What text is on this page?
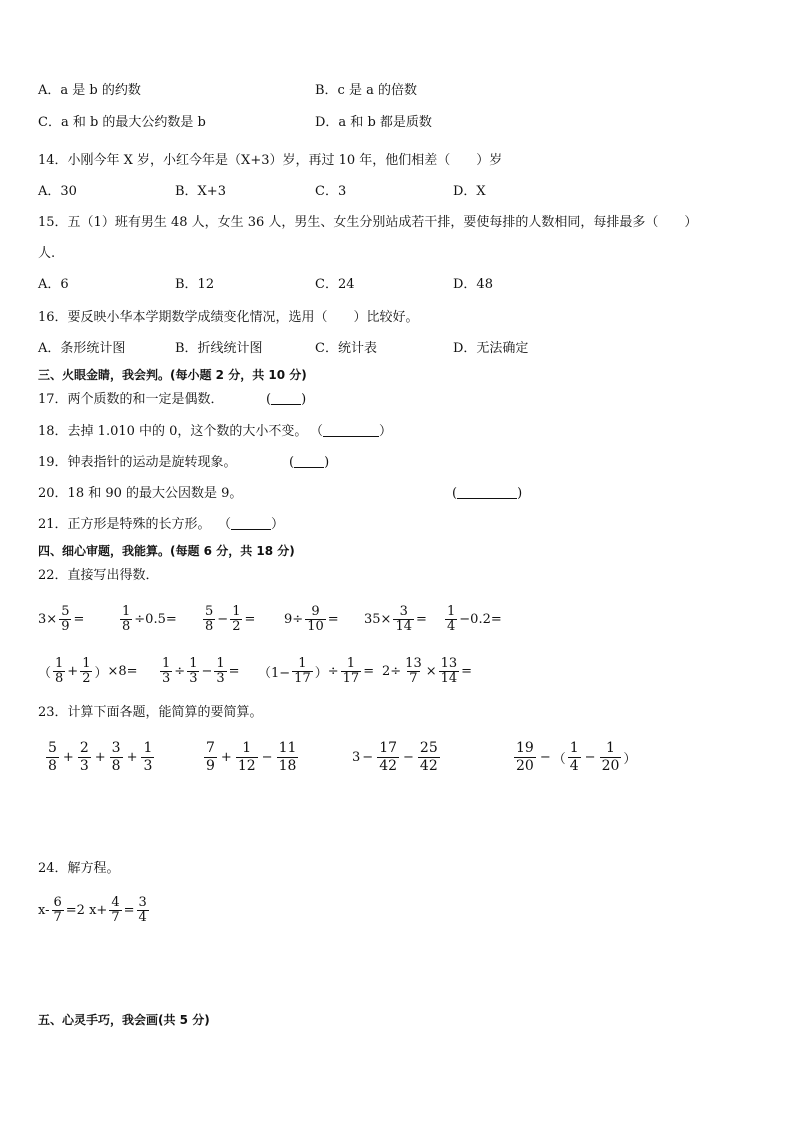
A．a 是 b 的约数	B．c 是 a 的倍数
C．a 和 b 的最大公约数是 b	D．a 和 b 都是质数
14．小刚今年 X 岁，小红今年是（X+3）岁，再过 10 年，他们相差（　　）岁
A．30	B．X+3	C．3	D．X
15．五（1）班有男生 48 人，女生 36 人，男生、女生分别站成若干排，要使每排的人数相同，每排最多（　　）
人.
A．6	B．12	C．24	D．48
16．要反映小华本学期数学成绩变化情况，选用（　　）比较好。
A．条形统计图	B．折线统计图	C．统计表	D．无法确定
三、火眼金睛，我会判。(每小题 2 分，共 10 分)
17．两个质数的和一定是偶数．	( )
18．去掉 1.010 中的 0，这个数的大小不变。 （	）
19．钟表指针的运动是旋转现象。	( )
20．18 和 90 的最大公因数是 9。	(	)
21．正方形是特殊的长方形。 （	）
四、细心审题，我能算。(每题 6 分，共 18 分)
22．直接写出得数．
$3 \times \frac{5}{9}$ =	$\frac{1}{8} \div 0.5= \frac{5}{8} - \frac{1}{2} = 9 \div \frac{9}{10} = 35 \times \frac{3}{14} = \frac{1}{4} -0.2=$
（ $\frac{1}{8} + \frac{1}{2}$ ） $\times 8= \frac{1}{3} \div \frac{1}{3} - \frac{1}{3} = (1- \frac{1}{17}$ ） ÷ $\frac{1}{17} = 2\div \frac{13}{7} \times \frac{13}{14}$ =
23．计算下面各题，能简算的要简算。
$\frac{5}{8} + \frac{2}{3} + \frac{3}{8} + \frac{1}{3}$	$\frac{7}{9} + \frac{1}{12} - \frac{11}{18}$	$3 - \frac{17}{42} - \frac{25}{42}$	$\frac{19}{20}$ − （ $\frac{1}{4} - \frac{1}{20}$ ）
24．解方程。
$x- \frac{6}{7} =2$ $x+ \frac{4}{7} = \frac{3}{4}$
五、心灵手巧，我会画(共 5 分)
